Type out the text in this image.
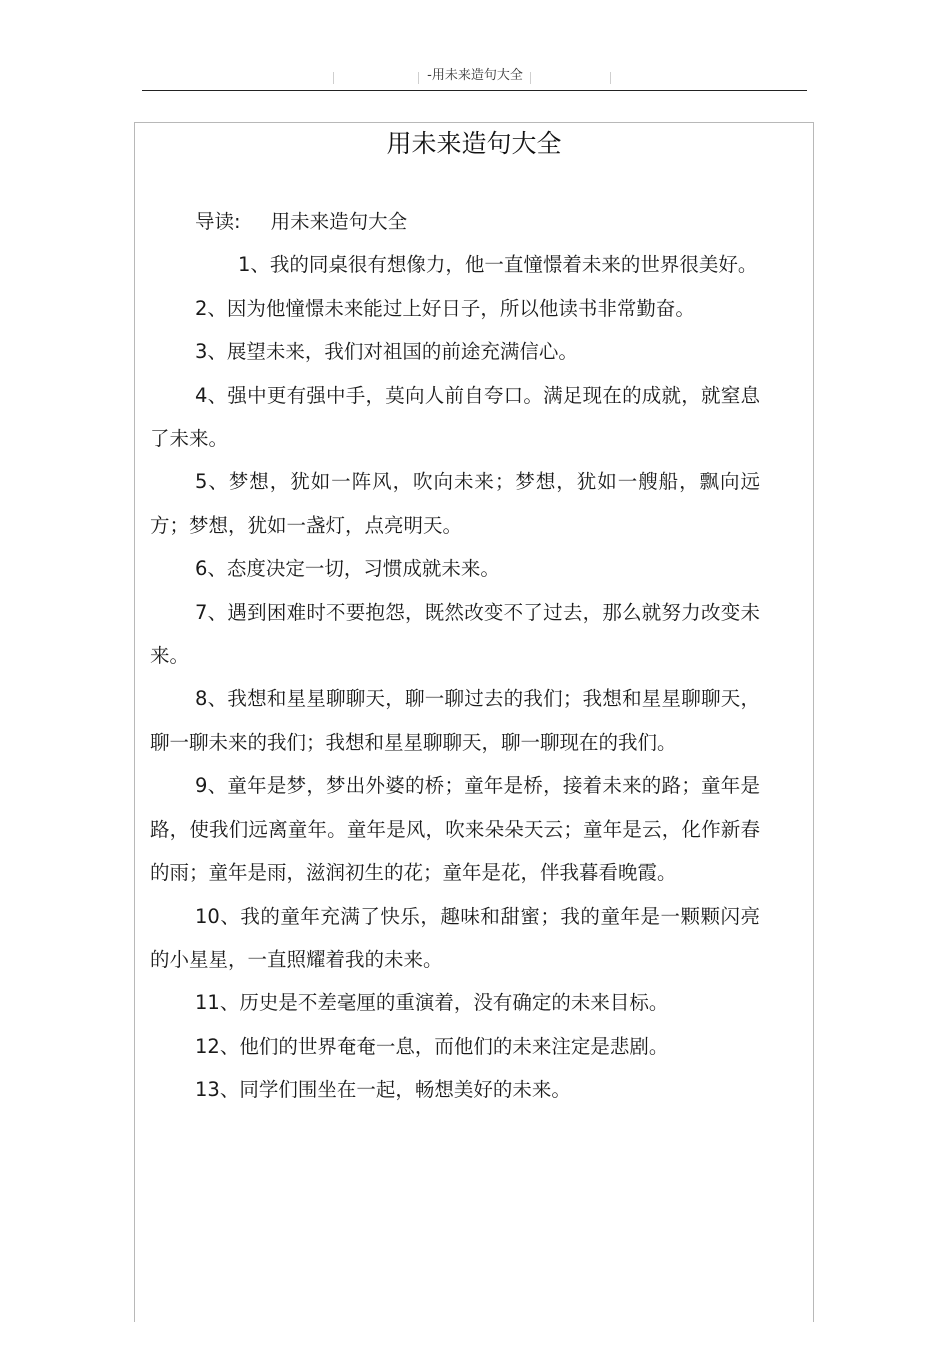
-用未来造句大全
用未来造句大全

导读: 用未来造句大全

1、我的同桌很有想像力，他一直憧憬着未来的世界很美好。

2、因为他憧憬未来能过上好日子，所以他读书非常勤奋。

3、展望未来，我们对祖国的前途充满信心。

4、强中更有强中手，莫向人前自夸口。满足现在的成就，就窒息了未来。

5、梦想，犹如一阵风，吹向未来；梦想，犹如一艘船，飘向远方；梦想，犹如一盏灯，点亮明天。

6、态度决定一切，习惯成就未来。

7、遇到困难时不要抱怨，既然改变不了过去，那么就努力改变未来。

8、我想和星星聊聊天，聊一聊过去的我们；我想和星星聊聊天，聊一聊未来的我们；我想和星星聊聊天，聊一聊现在的我们。

9、童年是梦，梦出外婆的桥；童年是桥，接着未来的路；童年是路，使我们远离童年。童年是风，吹来朵朵天云；童年是云，化作新春的雨；童年是雨，滋润初生的花；童年是花，伴我暮看晚霞。

10、我的童年充满了快乐，趣味和甜蜜；我的童年是一颗颗闪亮的小星星，一直照耀着我的未来。

11、历史是不差毫厘的重演着，没有确定的未来目标。

12、他们的世界奄奄一息，而他们的未来注定是悲剧。

13、同学们围坐在一起，畅想美好的未来。
